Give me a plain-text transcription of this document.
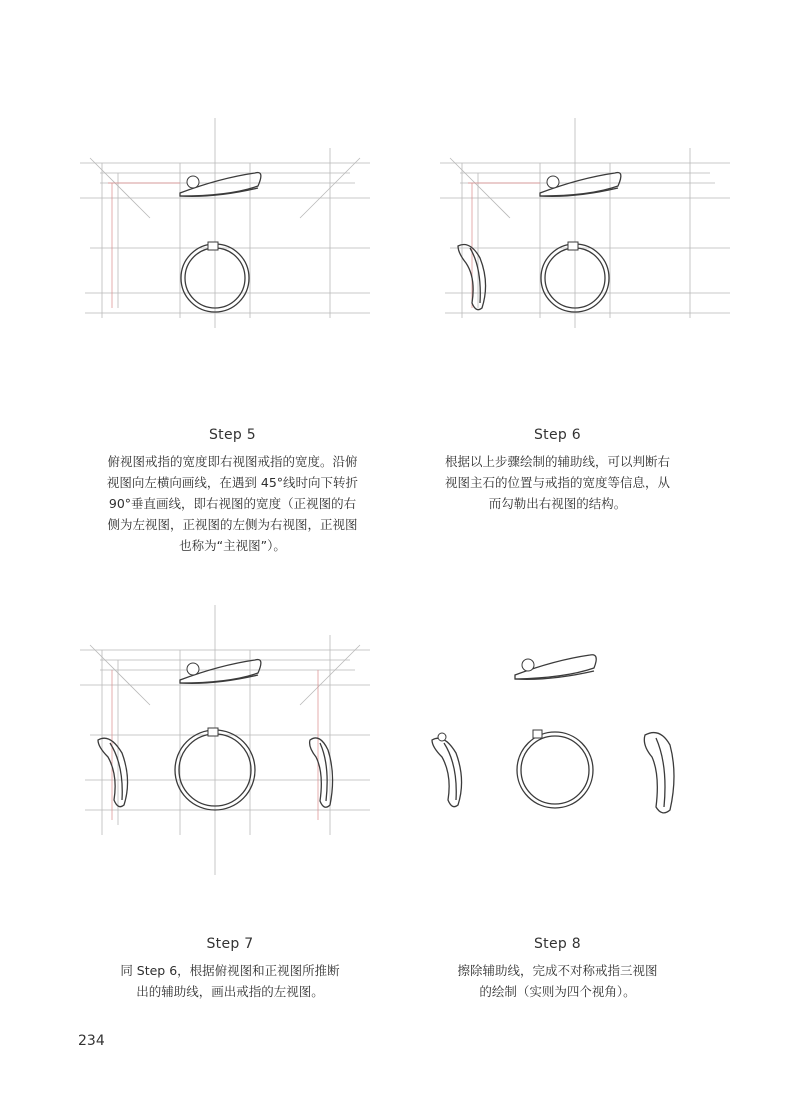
Step 5
俯视图戒指的宽度即右视图戒指的宽度。沿俯
视图向左横向画线，在遇到 45°线时向下转折
90°垂直画线，即右视图的宽度（正视图的右
侧为左视图，正视图的左侧为右视图，正视图
也称为“主视图”）。
Step 6
根据以上步骤绘制的辅助线，可以判断右
视图主石的位置与戒指的宽度等信息，从
而勾勒出右视图的结构。
Step 7
同 Step 6，根据俯视图和正视图所推断
出的辅助线，画出戒指的左视图。
Step 8
擦除辅助线，完成不对称戒指三视图
的绘制（实则为四个视角）。
234
